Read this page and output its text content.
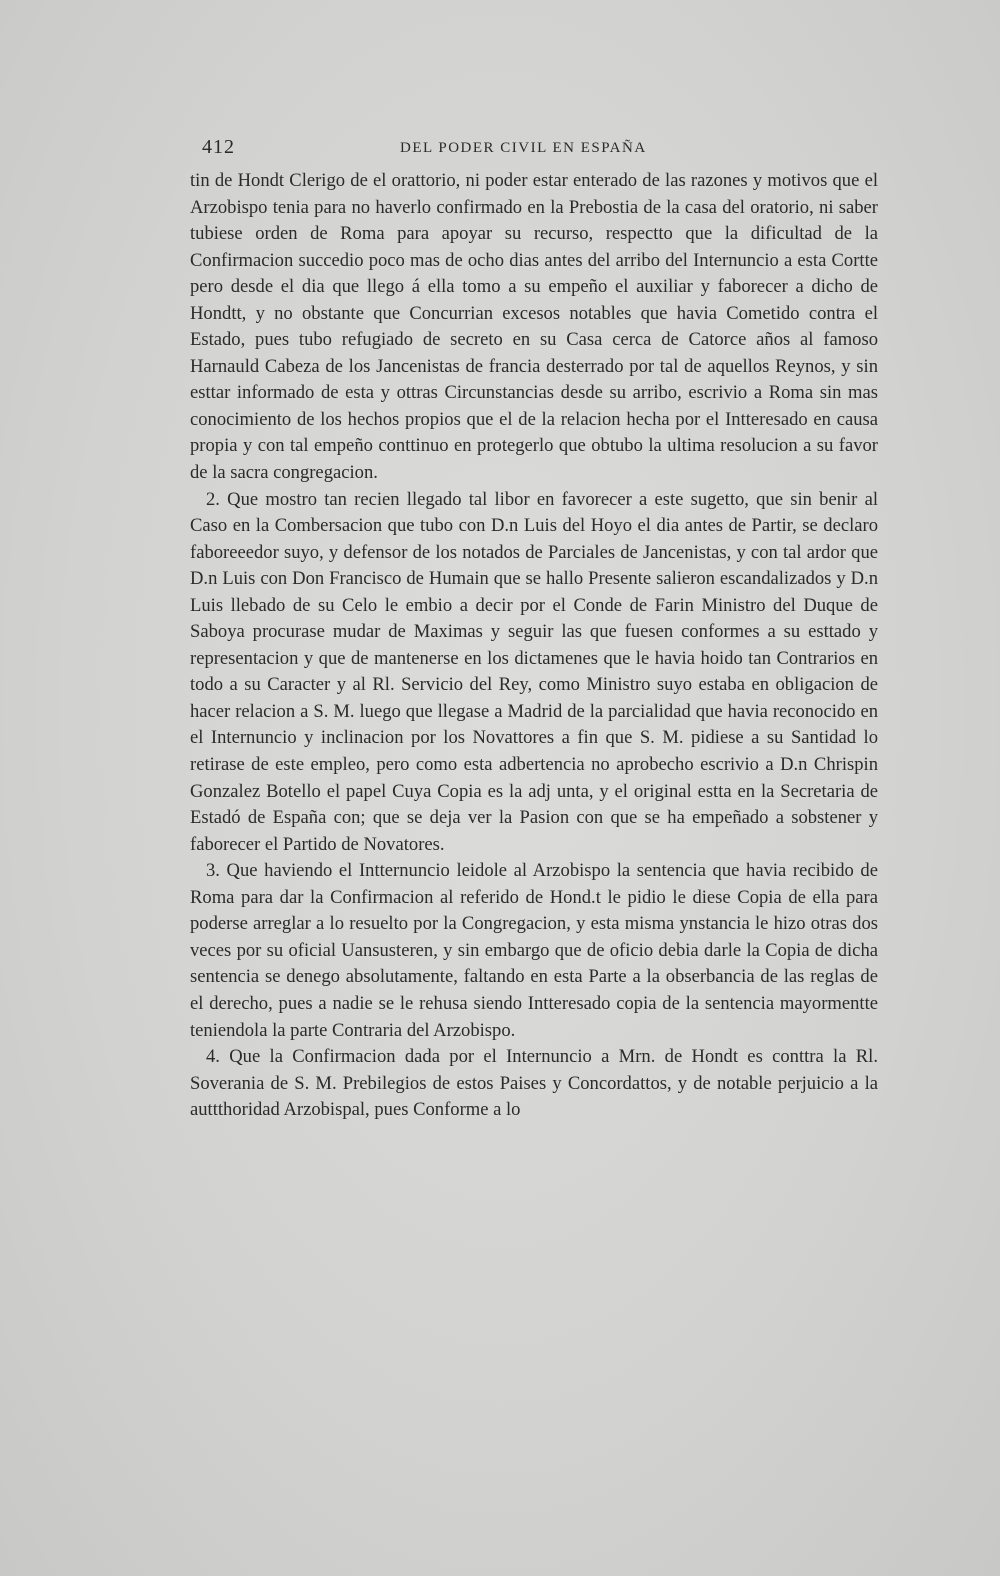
412	DEL PODER CIVIL EN ESPAÑA

tin de Hondt Clerigo de el orattorio, ni poder estar enterado de las razones y motivos que el Arzobispo tenia para no haverlo confirmado en la Prebostia de la casa del oratorio, ni saber tubiese orden de Roma para apoyar su recurso, respectto que la dificultad de la Confirmacion succedio poco mas de ocho dias antes del arribo del Internuncio a esta Cortte pero desde el dia que llego á ella tomo a su empeño el auxiliar y faborecer a dicho de Hondtt, y no obstante que Concurrian excesos notables que havia Cometido contra el Estado, pues tubo refugiado de secreto en su Casa cerca de Catorce años al famoso Harnauld Cabeza de los Jancenistas de francia desterrado por tal de aquellos Reynos, y sin esttar informado de esta y ottras Circunstancias desde su arribo, escrivio a Roma sin mas conocimiento de los hechos propios que el de la relacion hecha por el Intteresado en causa propia y con tal empeño conttinuo en protegerlo que obtubo la ultima resolucion a su favor de la sacra congregacion.

2. Que mostro tan recien llegado tal libor en favorecer a este sugetto, que sin benir al Caso en la Combersacion que tubo con D.n Luis del Hoyo el dia antes de Partir, se declaro faboreeedor suyo, y defensor de los notados de Parciales de Jancenistas, y con tal ardor que D.n Luis con Don Francisco de Humain que se hallo Presente salieron escandalizados y D.n Luis llebado de su Celo le embio a decir por el Conde de Farin Ministro del Duque de Saboya procurase mudar de Maximas y seguir las que fuesen conformes a su esttado y representacion y que de mantenerse en los dictamenes que le havia hoido tan Contrarios en todo a su Caracter y al Rl. Servicio del Rey, como Ministro suyo estaba en obligacion de hacer relacion a S. M. luego que llegase a Madrid de la parcialidad que havia reconocido en el Internuncio y inclinacion por los Novattores a fin que S. M. pidiese a su Santidad lo retirase de este empleo, pero como esta adbertencia no aprobecho escrivio a D.n Chrispin Gonzalez Botello el papel Cuya Copia es la adj unta, y el original estta en la Secretaria de Estadó de España con; que se deja ver la Pasion con que se ha empeñado a sobstener y faborecer el Partido de Novatores.

3. Que haviendo el Intternuncio leidole al Arzobispo la sentencia que havia recibido de Roma para dar la Confirmacion al referido de Hond.t le pidio le diese Copia de ella para poderse arreglar a lo resuelto por la Congregacion, y esta misma ynstancia le hizo otras dos veces por su oficial Uansusteren, y sin embargo que de oficio debia darle la Copia de dicha sentencia se denego absolutamente, faltando en esta Parte a la obserbancia de las reglas de el derecho, pues a nadie se le rehusa siendo Intteresado copia de la sentencia mayormentte teniendola la parte Contraria del Arzobispo.

4. Que la Confirmacion dada por el Internuncio a Mrn. de Hondt es conttra la Rl. Soverania de S. M. Prebilegios de estos Paises y Concordattos, y de notable perjuicio a la auttthoridad Arzobispal, pues Conforme a lo
